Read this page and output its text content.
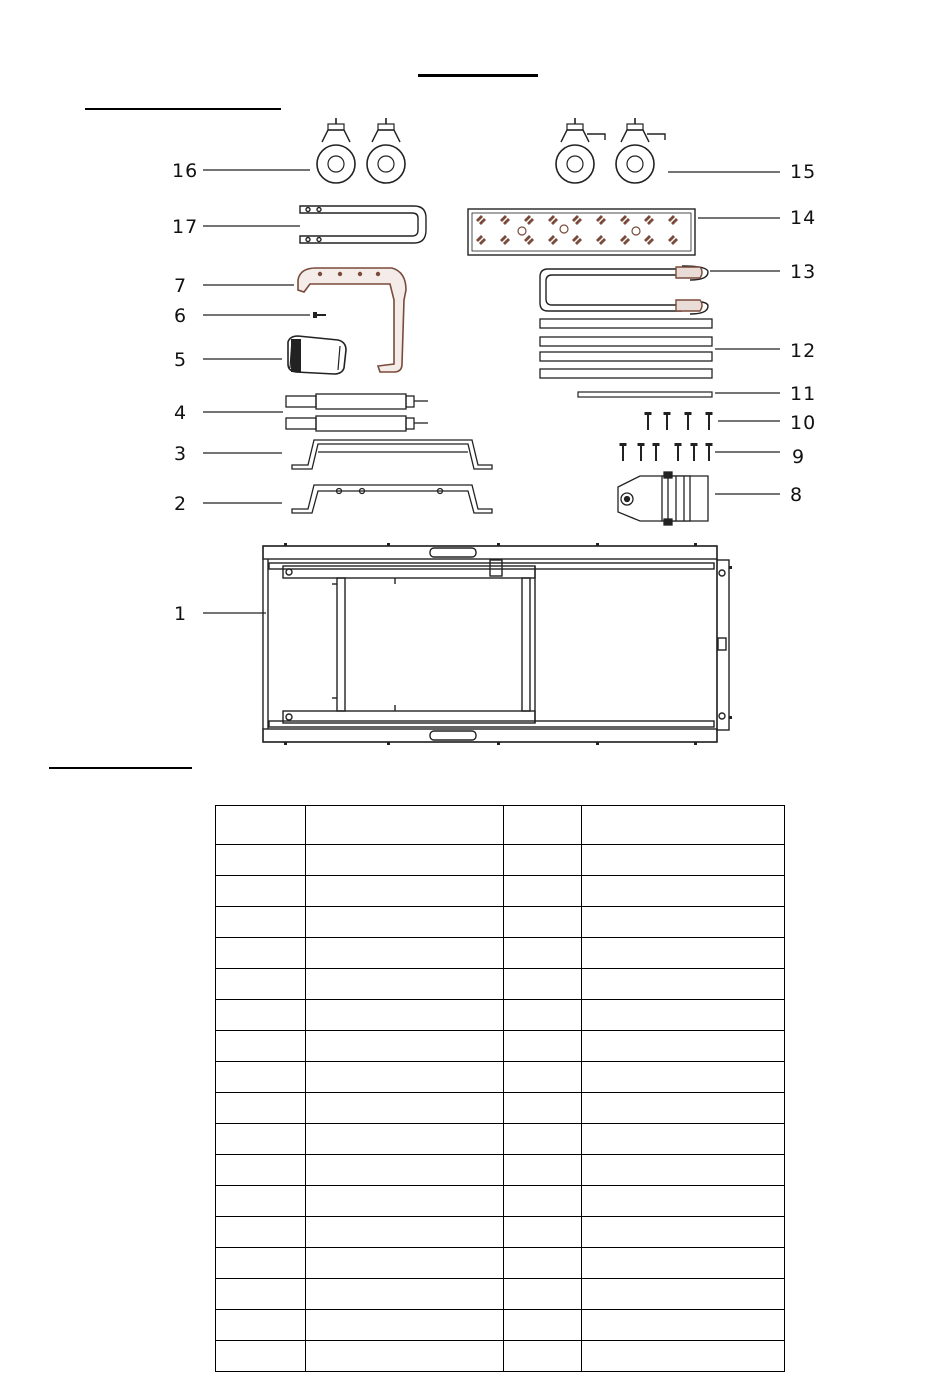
16
17
7
6
5
4
3
2
1
15
14
13
12
11
10
9
8
